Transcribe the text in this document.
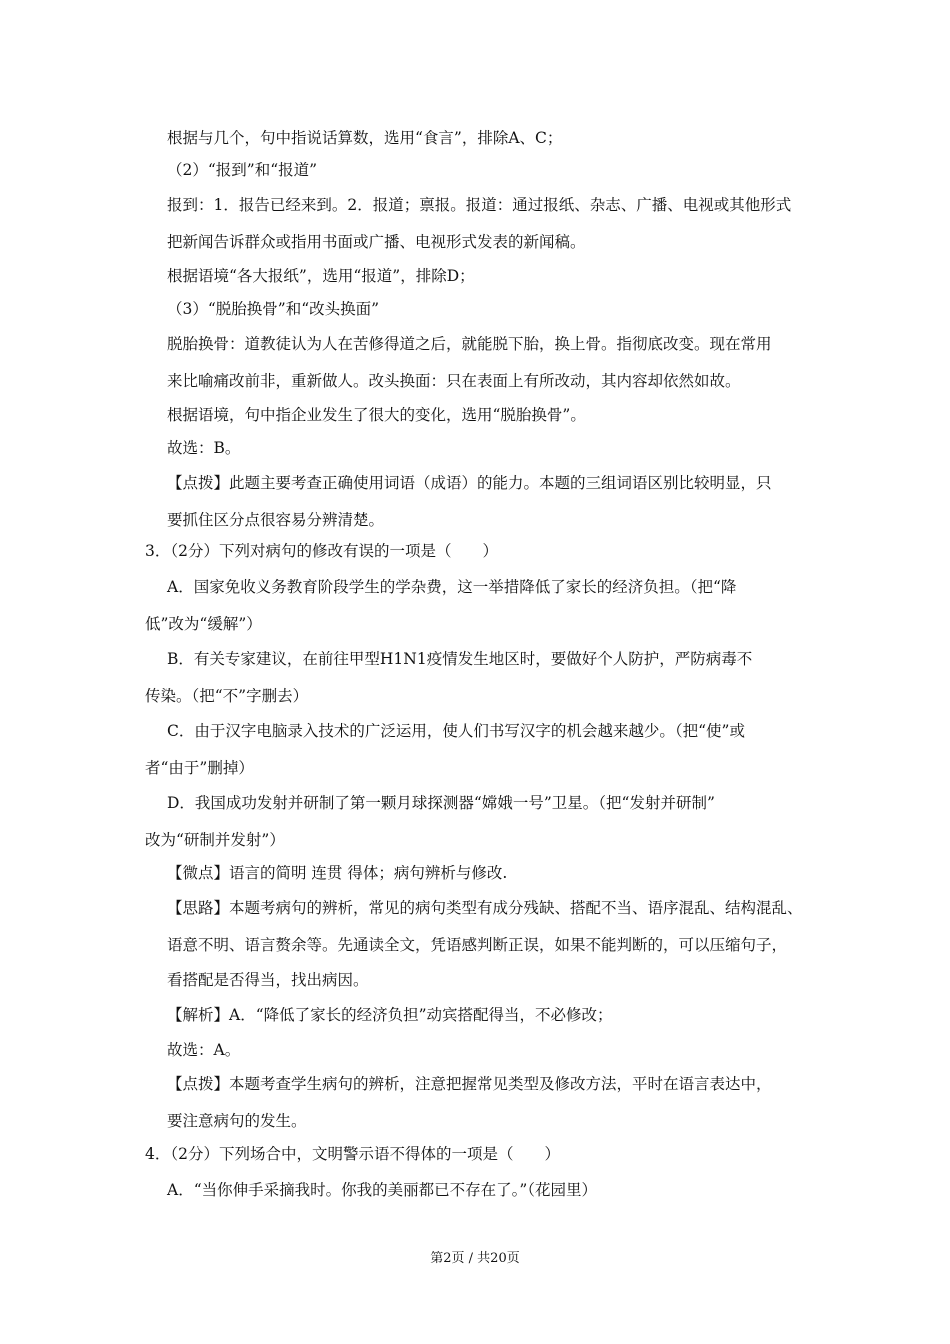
根据与几个，句中指说话算数，选用“食言”，排除A、C；
（2）“报到”和“报道”
报到：1．报告已经来到。2．报道；禀报。报道：通过报纸、杂志、广播、电视或其他形式
把新闻告诉群众或指用书面或广播、电视形式发表的新闻稿。
根据语境“各大报纸”，选用“报道”，排除D；
（3）“脱胎换骨”和“改头换面”
脱胎换骨：道教徒认为人在苦修得道之后，就能脱下胎，换上骨。指彻底改变。现在常用
来比喻痛改前非，重新做人。改头换面：只在表面上有所改动，其内容却依然如故。
根据语境，句中指企业发生了很大的变化，选用“脱胎换骨”。
故选：B。
【点拨】此题主要考查正确使用词语（成语）的能力。本题的三组词语区别比较明显，只
要抓住区分点很容易分辨清楚。
3．（2分）下列对病句的修改有误的一项是（　　）
A．国家免收义务教育阶段学生的学杂费，这一举措降低了家长的经济负担。（把“降
低”改为“缓解”）
B．有关专家建议，在前往甲型H1N1疫情发生地区时，要做好个人防护，严防病毒不
传染。（把“不”字删去）
C．由于汉字电脑录入技术的广泛运用，使人们书写汉字的机会越来越少。（把“使”或
者“由于”删掉）
D．我国成功发射并研制了第一颗月球探测器“嫦娥一号”卫星。（把“发射并研制”
改为“研制并发射”）
【微点】语言的简明 连贯 得体；病句辨析与修改.
【思路】本题考病句的辨析，常见的病句类型有成分残缺、搭配不当、语序混乱、结构混乱、
语意不明、语言赘余等。先通读全文，凭语感判断正误，如果不能判断的，可以压缩句子，
看搭配是否得当，找出病因。
【解析】A．“降低了家长的经济负担”动宾搭配得当，不必修改；
故选：A。
【点拨】本题考查学生病句的辨析，注意把握常见类型及修改方法，平时在语言表达中，
要注意病句的发生。
4．（2分）下列场合中，文明警示语不得体的一项是（　　）
A．“当你伸手采摘我时。你我的美丽都已不存在了。”（花园里）
第2页 / 共20页
